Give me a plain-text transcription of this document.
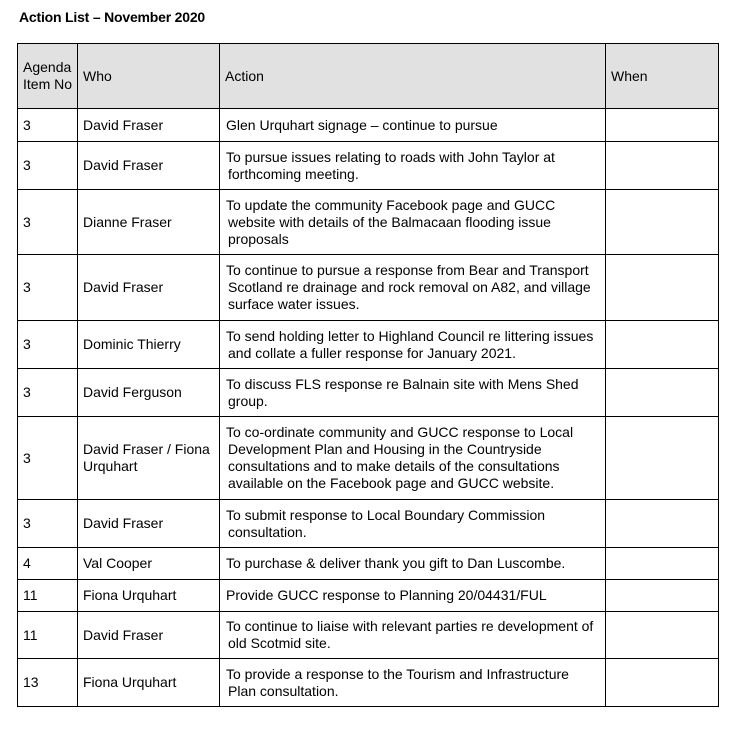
Action List – November 2020
Agenda Item No	Who	Action	When
3	David Fraser	Glen Urquhart signage – continue to pursue	

3	David Fraser	To pursue issues relating to roads with John Taylor at forthcoming meeting.	

3	Dianne Fraser	To update the community Facebook page and GUCC website with details of the Balmacaan flooding issue proposals	

3	David Fraser	To continue to pursue a response from Bear and Transport Scotland re drainage and rock removal on A82, and village surface water issues.	

3	Dominic Thierry	To send holding letter to Highland Council re littering issues and collate a fuller response for January 2021.	

3	David Ferguson	To discuss FLS response re Balnain site with Mens Shed group.	

3	David Fraser / Fiona Urquhart	To co-ordinate community and GUCC response to Local Development Plan and Housing in the Countryside consultations and to make details of the consultations available on the Facebook page and GUCC website.	

3	David Fraser	To submit response to Local Boundary Commission consultation.	

4	Val Cooper	To purchase & deliver thank you gift to Dan Luscombe.	

11	Fiona Urquhart	Provide GUCC response to Planning 20/04431/FUL	

11	David Fraser	To continue to liaise with relevant parties re development of old Scotmid site.	

13	Fiona Urquhart	To provide a response to the Tourism and Infrastructure Plan consultation.	
